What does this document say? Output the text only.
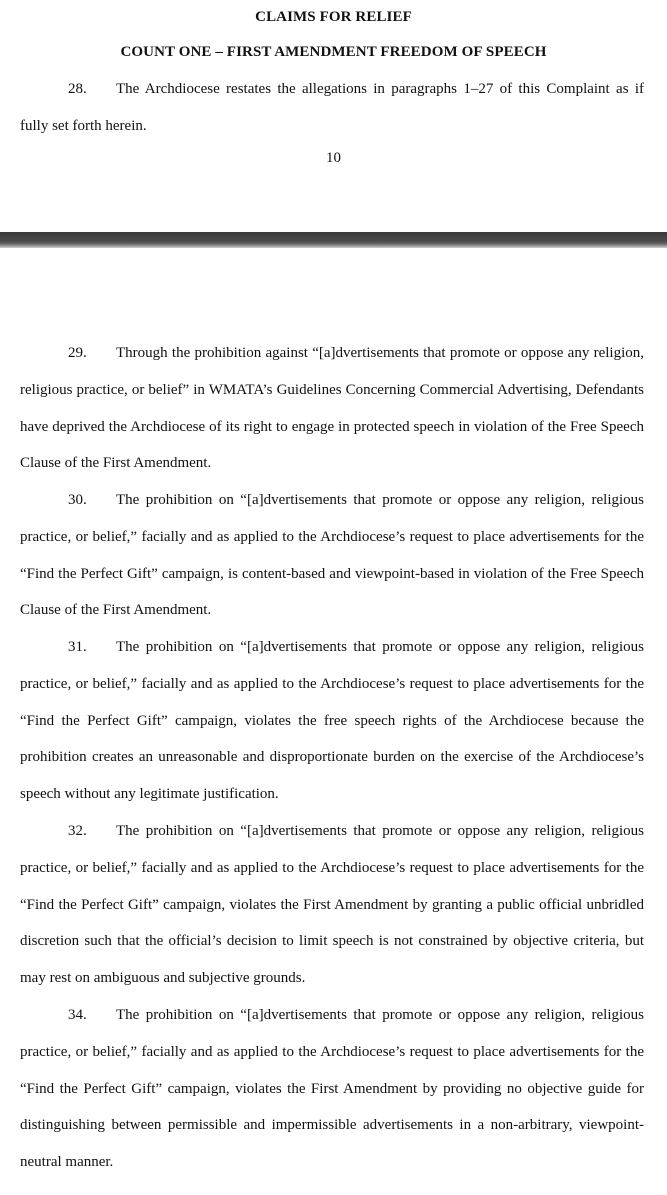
CLAIMS FOR RELIEF
COUNT ONE – FIRST AMENDMENT FREEDOM OF SPEECH

28. The Archdiocese restates the allegations in paragraphs 1–27 of this Complaint as if fully set forth herein.

10

29. Through the prohibition against “[a]dvertisements that promote or oppose any religion, religious practice, or belief” in WMATA’s Guidelines Concerning Commercial Advertising, Defendants have deprived the Archdiocese of its right to engage in protected speech in violation of the Free Speech Clause of the First Amendment.

30. The prohibition on “[a]dvertisements that promote or oppose any religion, religious practice, or belief,” facially and as applied to the Archdiocese’s request to place advertisements for the “Find the Perfect Gift” campaign, is content-based and viewpoint-based in violation of the Free Speech Clause of the First Amendment.

31. The prohibition on “[a]dvertisements that promote or oppose any religion, religious practice, or belief,” facially and as applied to the Archdiocese’s request to place advertisements for the “Find the Perfect Gift” campaign, violates the free speech rights of the Archdiocese because the prohibition creates an unreasonable and disproportionate burden on the exercise of the Archdiocese’s speech without any legitimate justification.

32. The prohibition on “[a]dvertisements that promote or oppose any religion, religious practice, or belief,” facially and as applied to the Archdiocese’s request to place advertisements for the “Find the Perfect Gift” campaign, violates the First Amendment by granting a public official unbridled discretion such that the official’s decision to limit speech is not constrained by objective criteria, but may rest on ambiguous and subjective grounds.

34. The prohibition on “[a]dvertisements that promote or oppose any religion, religious practice, or belief,” facially and as applied to the Archdiocese’s request to place advertisements for the “Find the Perfect Gift” campaign, violates the First Amendment by providing no objective guide for distinguishing between permissible and impermissible advertisements in a non-arbitrary, viewpoint-neutral manner.
